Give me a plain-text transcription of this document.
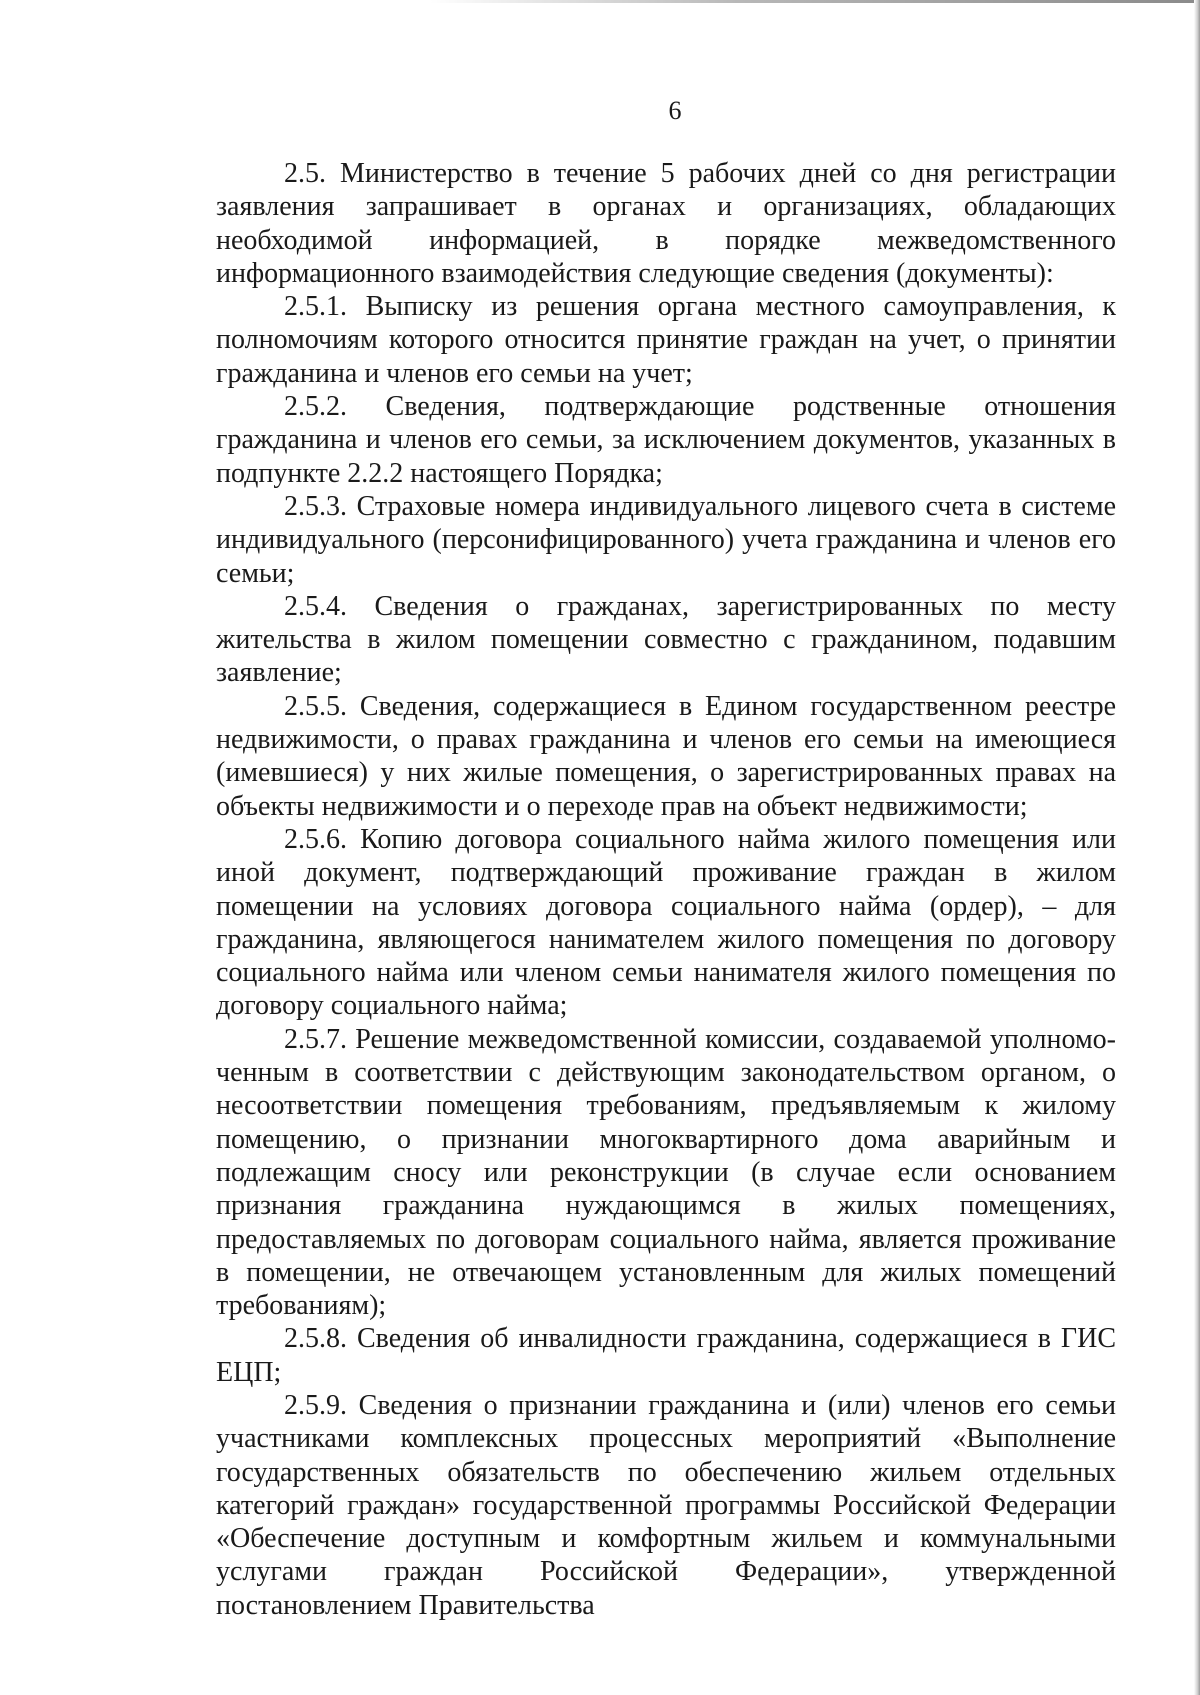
6

2.5. Министерство в течение 5 рабочих дней со дня регистрации заявления запрашивает в органах и организациях, обладающих необходимой информацией, в порядке межведомственного информационного взаимодействия следующие сведения (документы):

2.5.1. Выписку из решения органа местного самоуправления, к полномочиям которого относится принятие граждан на учет, о принятии гражданина и членов его семьи на учет;

2.5.2. Сведения, подтверждающие родственные отношения гражданина и членов его семьи, за исключением документов, указанных в подпункте 2.2.2 настоящего Порядка;

2.5.3. Страховые номера индивидуального лицевого счета в системе индивидуального (персонифицированного) учета гражданина и членов его семьи;

2.5.4. Сведения о гражданах, зарегистрированных по месту жительства в жилом помещении совместно с гражданином, подавшим заявление;

2.5.5. Сведения, содержащиеся в Едином государственном реестре недвижимости, о правах гражданина и членов его семьи на имеющиеся (имевшиеся) у них жилые помещения, о зарегистрированных правах на объекты недвижимости и о переходе прав на объект недвижимости;

2.5.6. Копию договора социального найма жилого помещения или иной документ, подтверждающий проживание граждан в жилом помещении на условиях договора социального найма (ордер), – для гражданина, являющегося нанимателем жилого помещения по договору социального найма или членом семьи нанимателя жилого помещения по договору социального найма;

2.5.7. Решение межведомственной комиссии, создаваемой уполномоченным в соответствии с действующим законодательством органом, о несоответствии помещения требованиям, предъявляемым к жилому помещению, о признании многоквартирного дома аварийным и подлежащим сносу или реконструкции (в случае если основанием признания гражданина нуждающимся в жилых помещениях, предоставляемых по договорам социального найма, является проживание в помещении, не отвечающем установленным для жилых помещений требованиям);

2.5.8. Сведения об инвалидности гражданина, содержащиеся в ГИС ЕЦП;

2.5.9. Сведения о признании гражданина и (или) членов его семьи участниками комплексных процессных мероприятий «Выполнение государственных обязательств по обеспечению жильем отдельных категорий граждан» государственной программы Российской Федерации «Обеспечение доступным и комфортным жильем и коммунальными услугами граждан Российской Федерации», утвержденной постановлением Правительства
